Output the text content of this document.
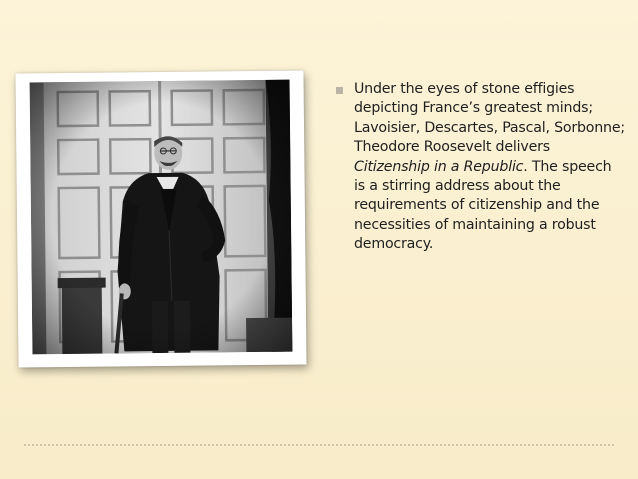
Under the eyes of stone effigies depicting France’s greatest minds; Lavoisier, Descartes, Pascal, Sorbonne; Theodore Roosevelt delivers Citizenship in a Republic. The speech is a stirring address about the requirements of citizenship and the necessities of maintaining a robust democracy.
